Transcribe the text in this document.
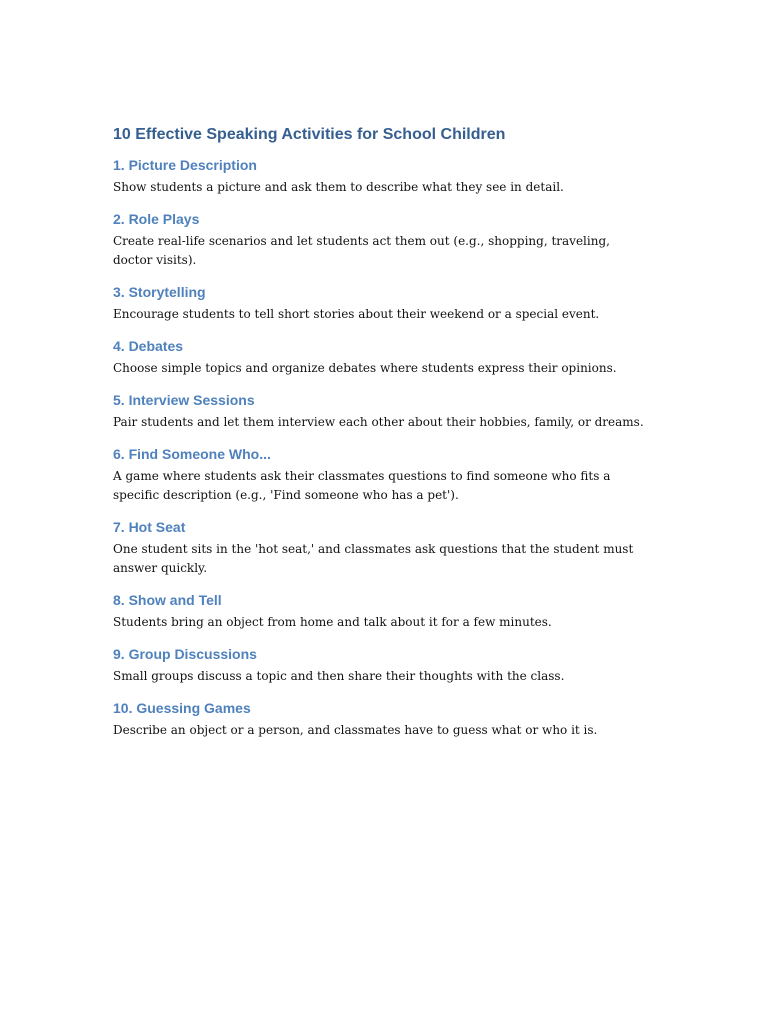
10 Effective Speaking Activities for School Children
1. Picture Description

Show students a picture and ask them to describe what they see in detail.

2. Role Plays

Create real-life scenarios and let students act them out (e.g., shopping, traveling, doctor visits).

3. Storytelling

Encourage students to tell short stories about their weekend or a special event.

4. Debates

Choose simple topics and organize debates where students express their opinions.

5. Interview Sessions

Pair students and let them interview each other about their hobbies, family, or dreams.

6. Find Someone Who...

A game where students ask their classmates questions to find someone who fits a specific description (e.g., 'Find someone who has a pet').

7. Hot Seat

One student sits in the 'hot seat,' and classmates ask questions that the student must answer quickly.

8. Show and Tell

Students bring an object from home and talk about it for a few minutes.

9. Group Discussions

Small groups discuss a topic and then share their thoughts with the class.

10. Guessing Games

Describe an object or a person, and classmates have to guess what or who it is.
